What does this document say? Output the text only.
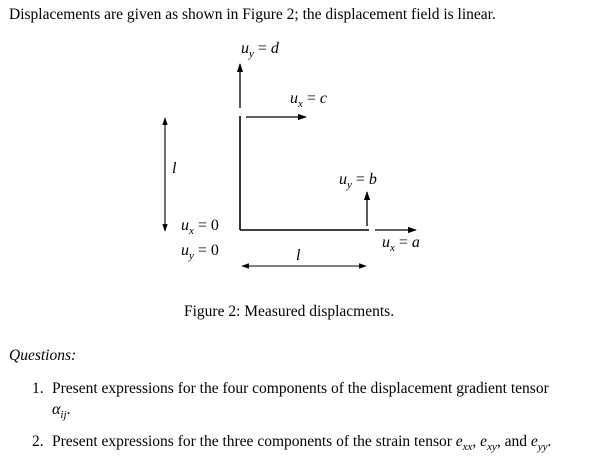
Displacements are given as shown in Figure 2; the displacement field is linear.
$u_y = d$
$u_x = c$
$u_y = b$
$u_x = a$
$u_x = 0$
$u_y = 0$
l
l
Figure 2: Measured displacments.
Questions:
1. Present expressions for the four components of the displacement gradient tensor
$\alpha_{ij}$.
2. Present expressions for the three components of the strain tensor $e_{xx}$, $e_{xy}$, and $e_{yy}$.
